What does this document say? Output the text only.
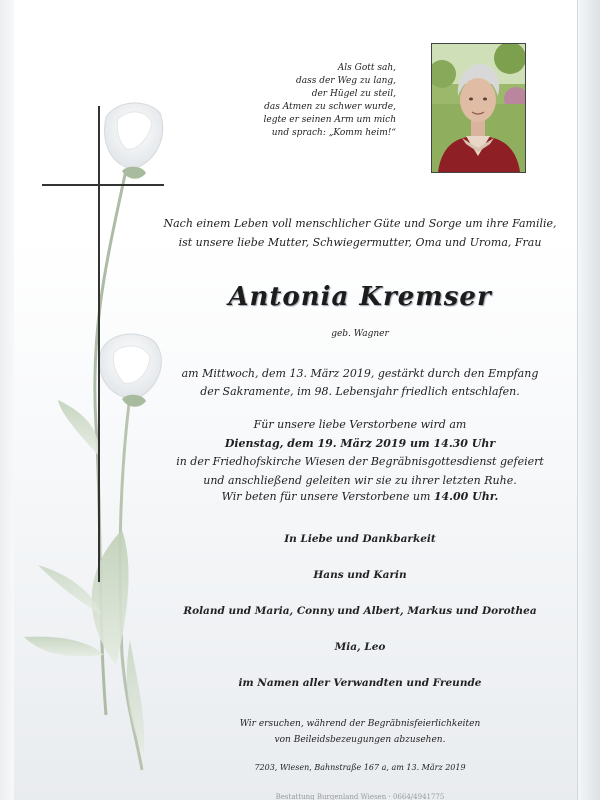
Als Gott sah,
dass der Weg zu lang,
der Hügel zu steil,
das Atmen zu schwer wurde,
legte er seinen Arm um mich
und sprach: „Komm heim!“
Nach einem Leben voll menschlicher Güte und Sorge um ihre Familie,
ist unsere liebe Mutter, Schwiegermutter, Oma und Uroma, Frau
Antonia Kremser
geb. Wagner
am Mittwoch, dem 13. März 2019, gestärkt durch den Empfang
der Sakramente, im 98. Lebensjahr friedlich entschlafen.
Für unsere liebe Verstorbene wird am
Dienstag, dem 19. März 2019 um 14.30 Uhr
in der Friedhofskirche Wiesen der Begräbnisgottesdienst gefeiert
und anschließend geleiten wir sie zu ihrer letzten Ruhe.
Wir beten für unsere Verstorbene um 14.00 Uhr.
In Liebe und Dankbarkeit
Hans und Karin
Roland und Maria, Conny und Albert, Markus und Dorothea
Mia, Leo
im Namen aller Verwandten und Freunde
Wir ersuchen, während der Begräbnisfeierlichkeiten
von Beileidsbezeugungen abzusehen.
7203, Wiesen, Bahnstraße 167 a, am 13. März 2019
Bestattung Burgenland Wiesen · 0664/4941775
